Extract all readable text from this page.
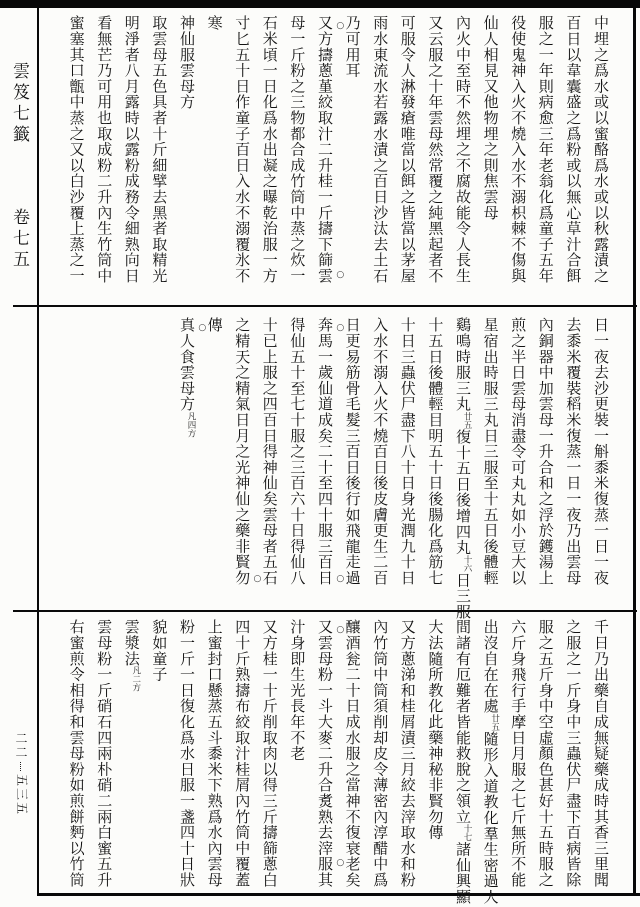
雲笈七籤
卷七五
二二五三五
中埋之爲水或以蜜酪爲水或以秋露漬之
百日以韋囊盛之爲粉或以無心草汁合餌
服之一年則病愈三年老翁化爲童子五年
役使鬼神入火不燒入水不溺枳棘不傷與
仙人相見又他物埋之則焦雲母
內火中至時不然埋之不腐故能令人長生
又云服之十年雲母然常覆之純黑起者不
可服令人淋發瘡唯當以餌之皆當以茅屋
雨水東流水若露水漬之百日沙汰去土石
乃可用耳
又方擣蔥堇絞取汁二升桂一斤擣下篩雲 ○
○
母一斤粉之三物都合成竹筒中蒸之炊一
石米頃一日化爲水出凝之曝乾治服一方
寸匕五十日作童子百日入水不溺覆氷不
寒
神仙服雲母方
取雲母五色具者十斤細擘去黑者取精光
明淨者八月露時以露粉成務令細熟向日
看無芒乃可用也取成粉二升內生竹筒中
蜜塞其口甑中蒸之又以白沙覆上蒸之一
日一夜去沙更裝一斛黍米復蒸一日一夜
去黍米覆裝稻米復蒸一日一夜乃出雲母
內銅器中加雲母一升合和之浮於鑊湯上
煎之半日雲母消盡令可丸丸如小豆大以
星宿出時服三丸日三服至十五日後體輕
鷄鳴時服三丸廿五復十五日後增四丸十六日三服
十五日後體輕目明五十日後腸化爲筋七
十日三蟲伏尸盡下八十日身光潤九十日
入水不溺入火不燒百日後皮膚更生二百
日更易筋骨毛髮三百日後行如飛龍走過
奔馬一歲仙道成矣二十至四十服三百日 ○
○
得仙五十至七十服之三百六十日得仙八
十已上服之四百日得神仙矣雲母者五石
之精天之精氣日月之光神仙之藥非賢勿 ○
傳
真人食雲母方凡四方
○
千日乃出藥自成無疑藥成時其香三里聞
之服之一斤身中三蟲伏尸盡下百病皆除
服之五斤身中空虛顏色甚好十五時服之
六斤身飛行手摩日月服之七斤無所不能
出沒自在在處廿五隨形入道教化羣生密過人
間諸有厄難者皆能救脫之領立十七諸仙興顯
大法隨所教化此藥神秘非賢勿傳
又方蔥涕和桂屑漬三月絞去滓取水和粉
內竹筒中筒須削却皮令薄密內淳醋中爲
釀酒瓮二十日成水服之當神不復衰老矣
又雲母粉一斗大麥二升合煑熟去滓服其 ○
○
汁身即生光長年不老
又方桂一十斤削取肉以得三斤擣篩蔥白
四十斤熟擣布絞取汁桂屑內竹筒中覆蓋
上蜜封口懸蒸五斗黍米下熟爲水內雲母
粉一斤一日復化爲水日服一盞四十日狀
貌如童子
雲漿法凡二方
雲母粉一斤硝石四兩朴硝二兩白蜜五升
右蜜煎令相得和雲母粉如煎餅麪以竹筒
